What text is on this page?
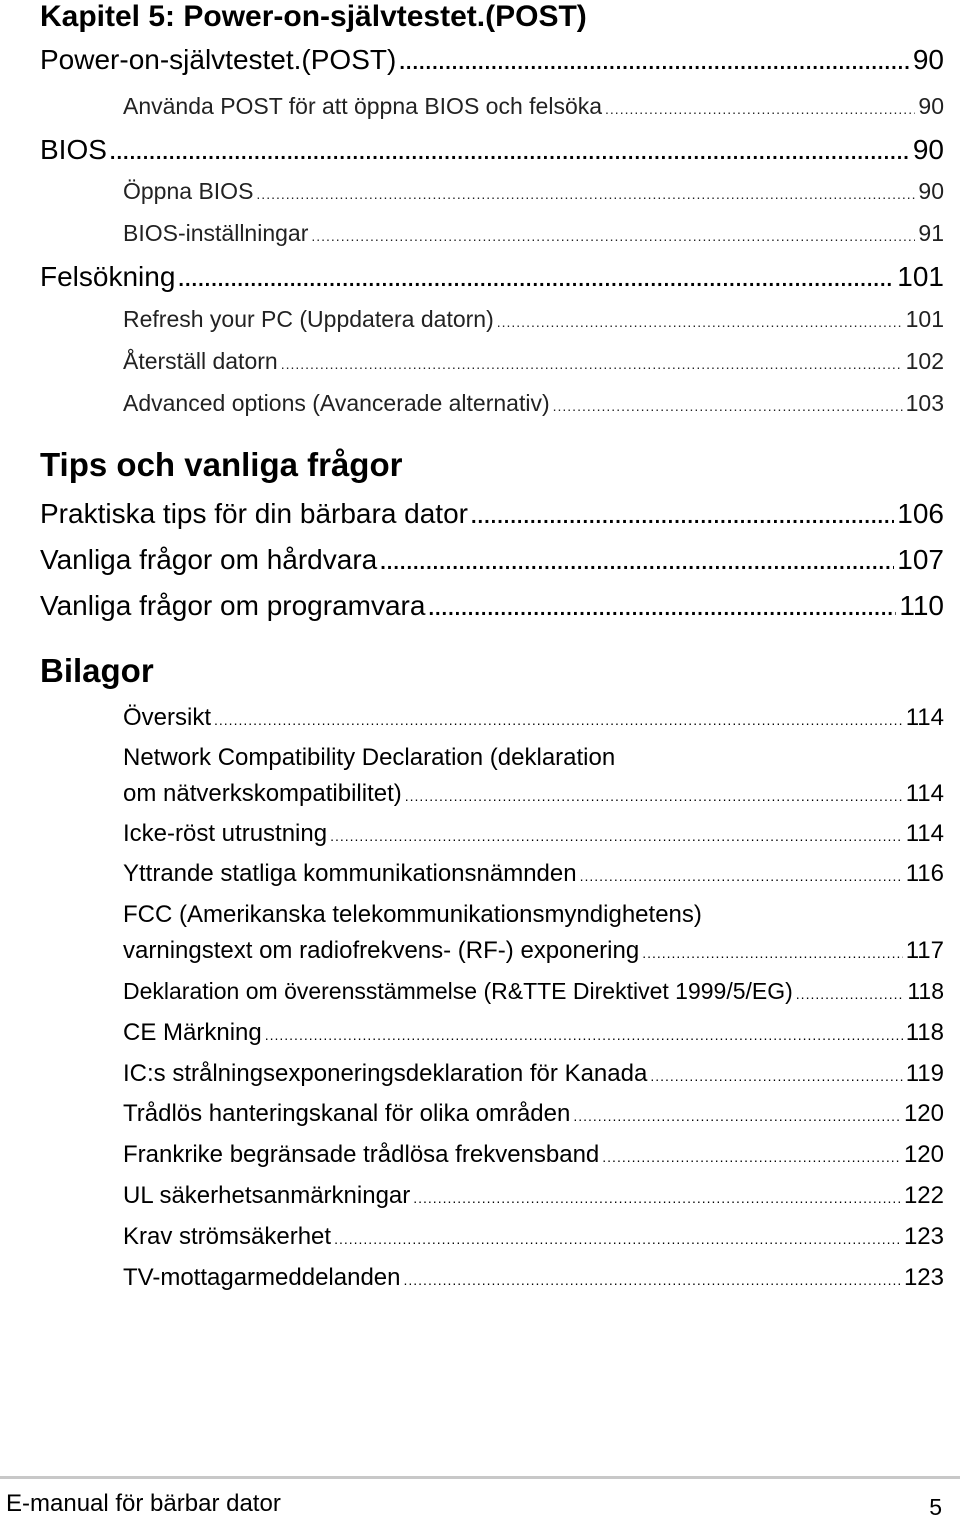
Kapitel 5: Power-on-självtestet.(POST)
Power-on-självtestet.(POST) .....	90
Använda POST för att öppna BIOS och felsöka .....	90
BIOS .....	90
Öppna BIOS .....	90
BIOS-inställningar .....	91
Felsökning .....	101
Refresh your PC (Uppdatera datorn) .....	101
Återställ datorn .....	102
Advanced options (Avancerade alternativ) .....	103
Tips och vanliga frågor
Praktiska tips för din bärbara dator .....	106
Vanliga frågor om hårdvara .....	107
Vanliga frågor om programvara .....	110
Bilagor
Översikt .....	114
Network Compatibility Declaration (deklaration
om nätverkskompatibilitet) .....	114
Icke-röst utrustning .....	114
Yttrande statliga kommunikationsnämnden .....	116
FCC (Amerikanska telekommunikationsmyndighetens)
varningstext om radiofrekvens- (RF-) exponering .....	117
Deklaration om överensstämmelse (R&TTE Direktivet 1999/5/EG) .....	118
CE Märkning .....	118
IC:s strålningsexponeringsdeklaration för Kanada .....	119
Trådlös hanteringskanal för olika områden .....	120
Frankrike begränsade trådlösa frekvensband .....	120
UL säkerhetsanmärkningar .....	122
Krav strömsäkerhet .....	123
TV-mottagarmeddelanden .....	123
E-manual för bärbar dator	5
